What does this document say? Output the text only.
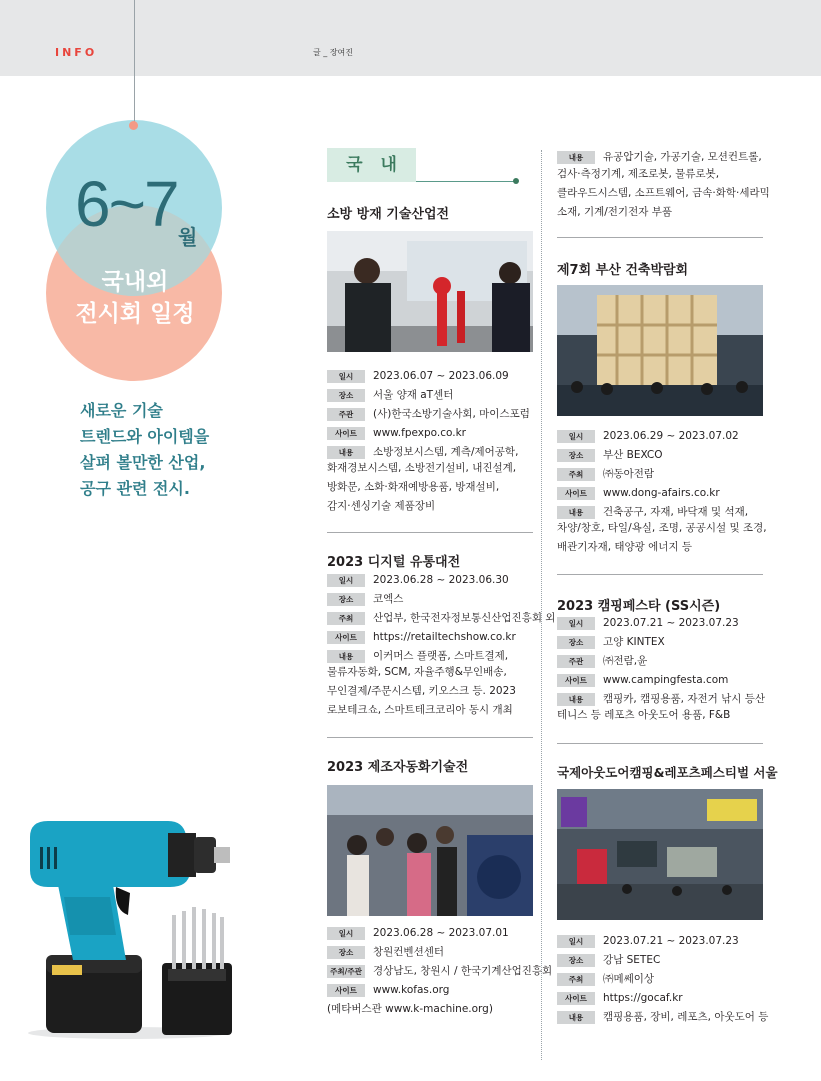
INFO	글 _ 장여진
6~7 월
국내외
전시회 일정
새로운 기술
트렌드와 아이템을
살펴 볼만한 산업,
공구 관련 전시.
국내
소방 방재 기술산업전
일시 2023.06.07 ~ 2023.06.09
장소 서울 양재 aT센터
주관 (사)한국소방기술사회, 마이스포럼
사이트 www.fpexpo.co.kr
내용 소방정보시스템, 계측/제어공학,
화재경보시스템, 소방전기설비, 내진설계,
방화문, 소화·화재예방용품, 방재설비,
감지·센싱기술 제품장비
2023 디지털 유통대전
일시 2023.06.28 ~ 2023.06.30
장소 코엑스
주최 산업부, 한국전자정보통신산업진흥회 외
사이트 https://retailtechshow.co.kr
내용 이커머스 플랫폼, 스마트결제,
물류자동화, SCM, 자율주행&무인배송,
무인결제/주문시스템, 키오스크 등. 2023
로보테크쇼, 스마트테크코리아 동시 개최
2023 제조자동화기술전
일시 2023.06.28 ~ 2023.07.01
장소 창원컨벤션센터
주최/주관 경상남도, 창원시 / 한국기계산업진흥회
사이트 www.kofas.org
(메타버스관 www.k-machine.org)
내용 유공압기술, 가공기술, 모션컨트롤,
검사·측정기계, 제조로봇, 물류로봇,
클라우드시스템, 소프트웨어, 금속·화학·세라믹
소재, 기계/전기전자 부품
제7회 부산 건축박람회
일시 2023.06.29 ~ 2023.07.02
장소 부산 BEXCO
주최 ㈜동아전람
사이트 www.dong-afairs.co.kr
내용 건축공구, 자재, 바닥재 및 석재,
차양/창호, 타일/욕실, 조명, 공공시설 및 조경,
배관기자재, 태양광 에너지 등
2023 캠핑페스타 (SS시즌)
일시 2023.07.21 ~ 2023.07.23
장소 고양 KINTEX
주관 ㈜전람,윤
사이트 www.campingfesta.com
내용 캠핑카, 캠핑용품, 자전거 낚시 등산
테니스 등 레포츠 아웃도어 용품, F&B
국제아웃도어캠핑&레포츠페스티벌 서울
일시 2023.07.21 ~ 2023.07.23
장소 강남 SETEC
주최 ㈜메쎄이상
사이트 https://gocaf.kr
내용 캠핑용품, 장비, 레포츠, 아웃도어 등
